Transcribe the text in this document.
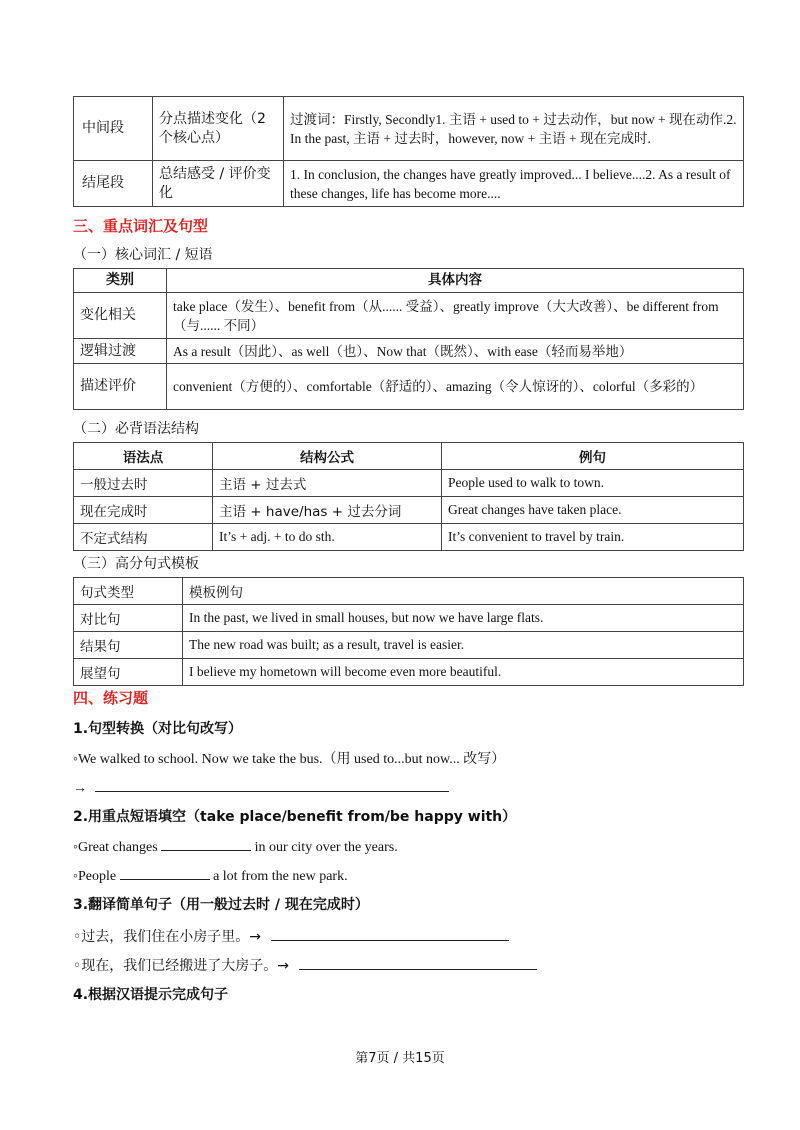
中间段	分点描述变化（2 个核心点）	过渡词：Firstly, Secondly1. 主语 + used to + 过去动作，but now + 现在动作.2. In the past, 主语 + 过去时，however, now + 主语 + 现在完成时.
结尾段	总结感受 / 评价变化	1. In conclusion, the changes have greatly improved... I believe....2. As a result of these changes, life has become more....
三、重点词汇及句型
（一）核心词汇 / 短语
类别	具体内容
变化相关	take place（发生）、benefit from（从...... 受益）、greatly improve（大大改善）、be different from（与...... 不同）
逻辑过渡	As a result（因此）、as well（也）、Now that（既然）、with ease（轻而易举地）
描述评价	convenient（方便的）、comfortable（舒适的）、amazing（令人惊讶的）、colorful（多彩的）
（二）必背语法结构
语法点	结构公式	例句
一般过去时	主语 + 过去式	People used to walk to town.
现在完成时	主语 + have/has + 过去分词	Great changes have taken place.
不定式结构	It’s + adj. + to do sth.	It’s convenient to travel by train.
（三）高分句式模板
句式类型	模板例句
对比句	In the past, we lived in small houses, but now we have large flats.
结果句	The new road was built; as a result, travel is easier.
展望句	I believe my hometown will become even more beautiful.
四、练习题
1.句型转换（对比句改写）
◦We walked to school. Now we take the bus.（用 used to...but now... 改写）
→
2.用重点短语填空（take place/benefit from/be happy with）
◦Great changes	in our city over the years.
◦People	a lot from the new park.
3.翻译简单句子（用一般过去时 / 现在完成时）
◦过去，我们住在小房子里。→
◦现在，我们已经搬进了大房子。→
4.根据汉语提示完成句子
第7页 / 共15页
